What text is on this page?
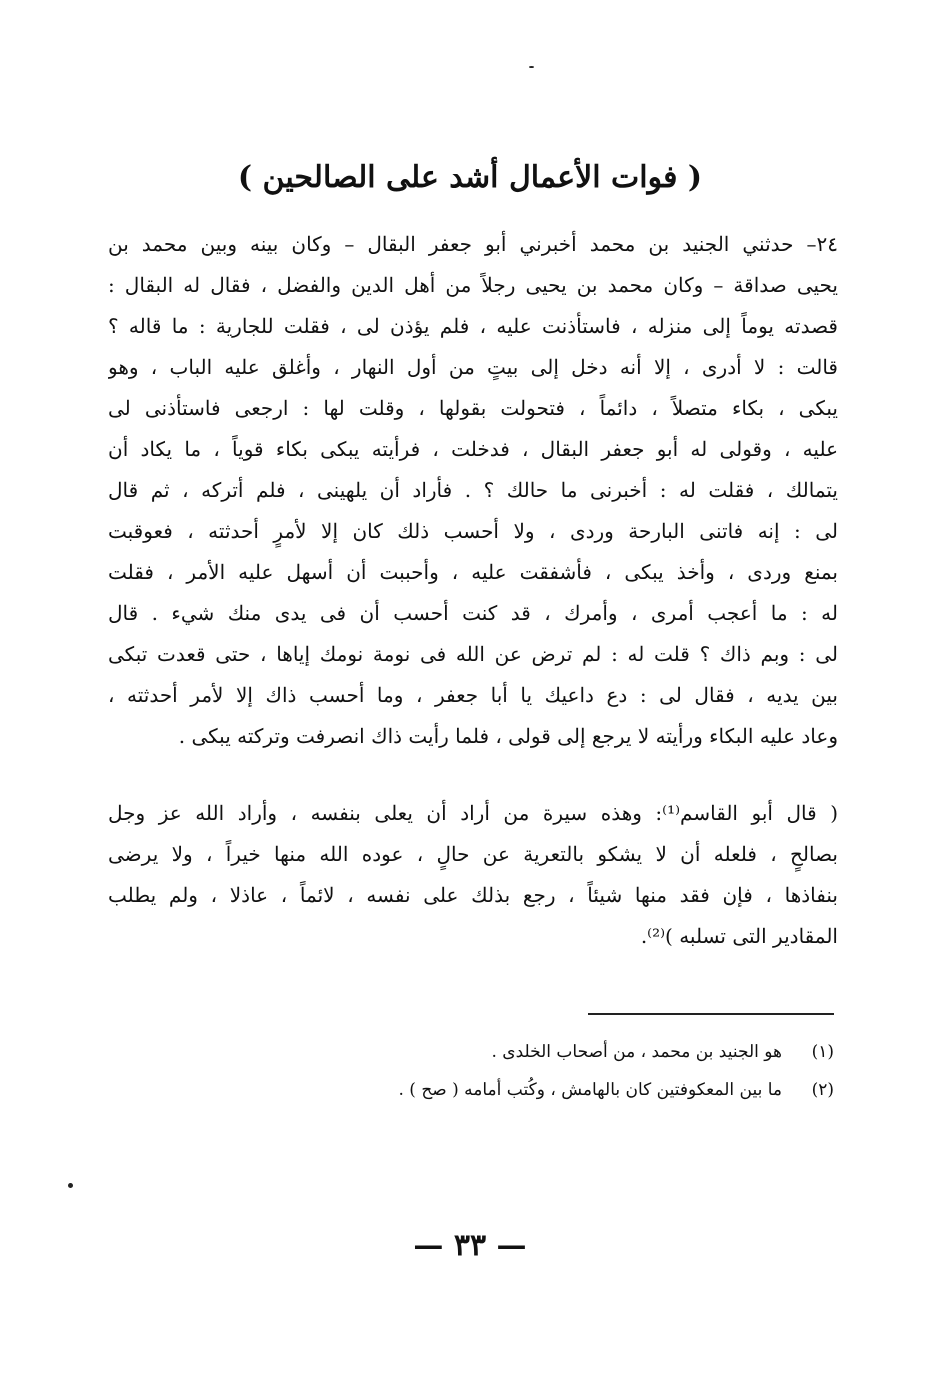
( فوات الأعمال أشد على الصالحين )
٢٤– حدثني الجنيد بن محمد أخبرني أبو جعفر البقال – وكان بينه وبين محمد بن
يحيى صداقة – وكان محمد بن يحيى رجلاً من أهل الدين والفضل ، فقال له البقال :
قصدته يوماً إلى منزله ، فاستأذنت عليه ، فلم يؤذن لى ، فقلت للجارية : ما قاله ؟
قالت : لا أدرى ، إلا أنه دخل إلى بيتٍ من أول النهار ، وأغلق عليه الباب ، وهو
يبكى ، بكاء متصلاً ، دائماً ، فتحولت بقولها ، وقلت لها : ارجعى فاستأذنى لى
عليه ، وقولى له أبو جعفر البقال ، فدخلت ، فرأيته يبكى بكاء قوياً ، ما يكاد أن
يتمالك ، فقلت له : أخبرنى ما حالك ؟ . فأراد أن يلهينى ، فلم أتركه ، ثم قال
لى : إنه فاتنى البارحة وردى ، ولا أحسب ذلك كان إلا لأمرٍ أحدثته ، فعوقبت
بمنع وردى ، وأخذ يبكى ، فأشفقت عليه ، وأحببت أن أسهل عليه الأمر ، فقلت
له : ما أعجب أمرى ، وأمرك ، قد كنت أحسب أن فى يدى منك شيء . قال
لى : وبم ذاك ؟ قلت له : لم ترض عن الله فى نومة نومك إياها ، حتى قعدت تبكى
بين يديه ، فقال لى : دع داعيك يا أبا جعفر ، وما أحسب ذاك إلا لأمر أحدثته ،
وعاد عليه البكاء ورأيته لا يرجع إلى قولى ، فلما رأيت ذاك انصرفت وتركته يبكى .
( قال أبو القاسم⁽¹⁾: وهذه سيرة من أراد أن يعلى بنفسه ، وأراد الله عز وجل
بصالحٍ ، فلعله أن لا يشكو بالتعرية عن حالٍ ، عوده الله منها خيراً ، ولا يرضى
بنفاذها ، فإن فقد منها شيئاً ، رجع بذلك على نفسه ، لائماً ، عاذلا ، ولم يطلب
المقادير التى تسلبه )⁽²⁾.
(١)
هو الجنيد بن محمد ، من أصحاب الخلدى .
(٢)
ما بين المعكوفتين كان بالهامش ، وكُتب أمامه ( صح ) .
— ٣٣ —
